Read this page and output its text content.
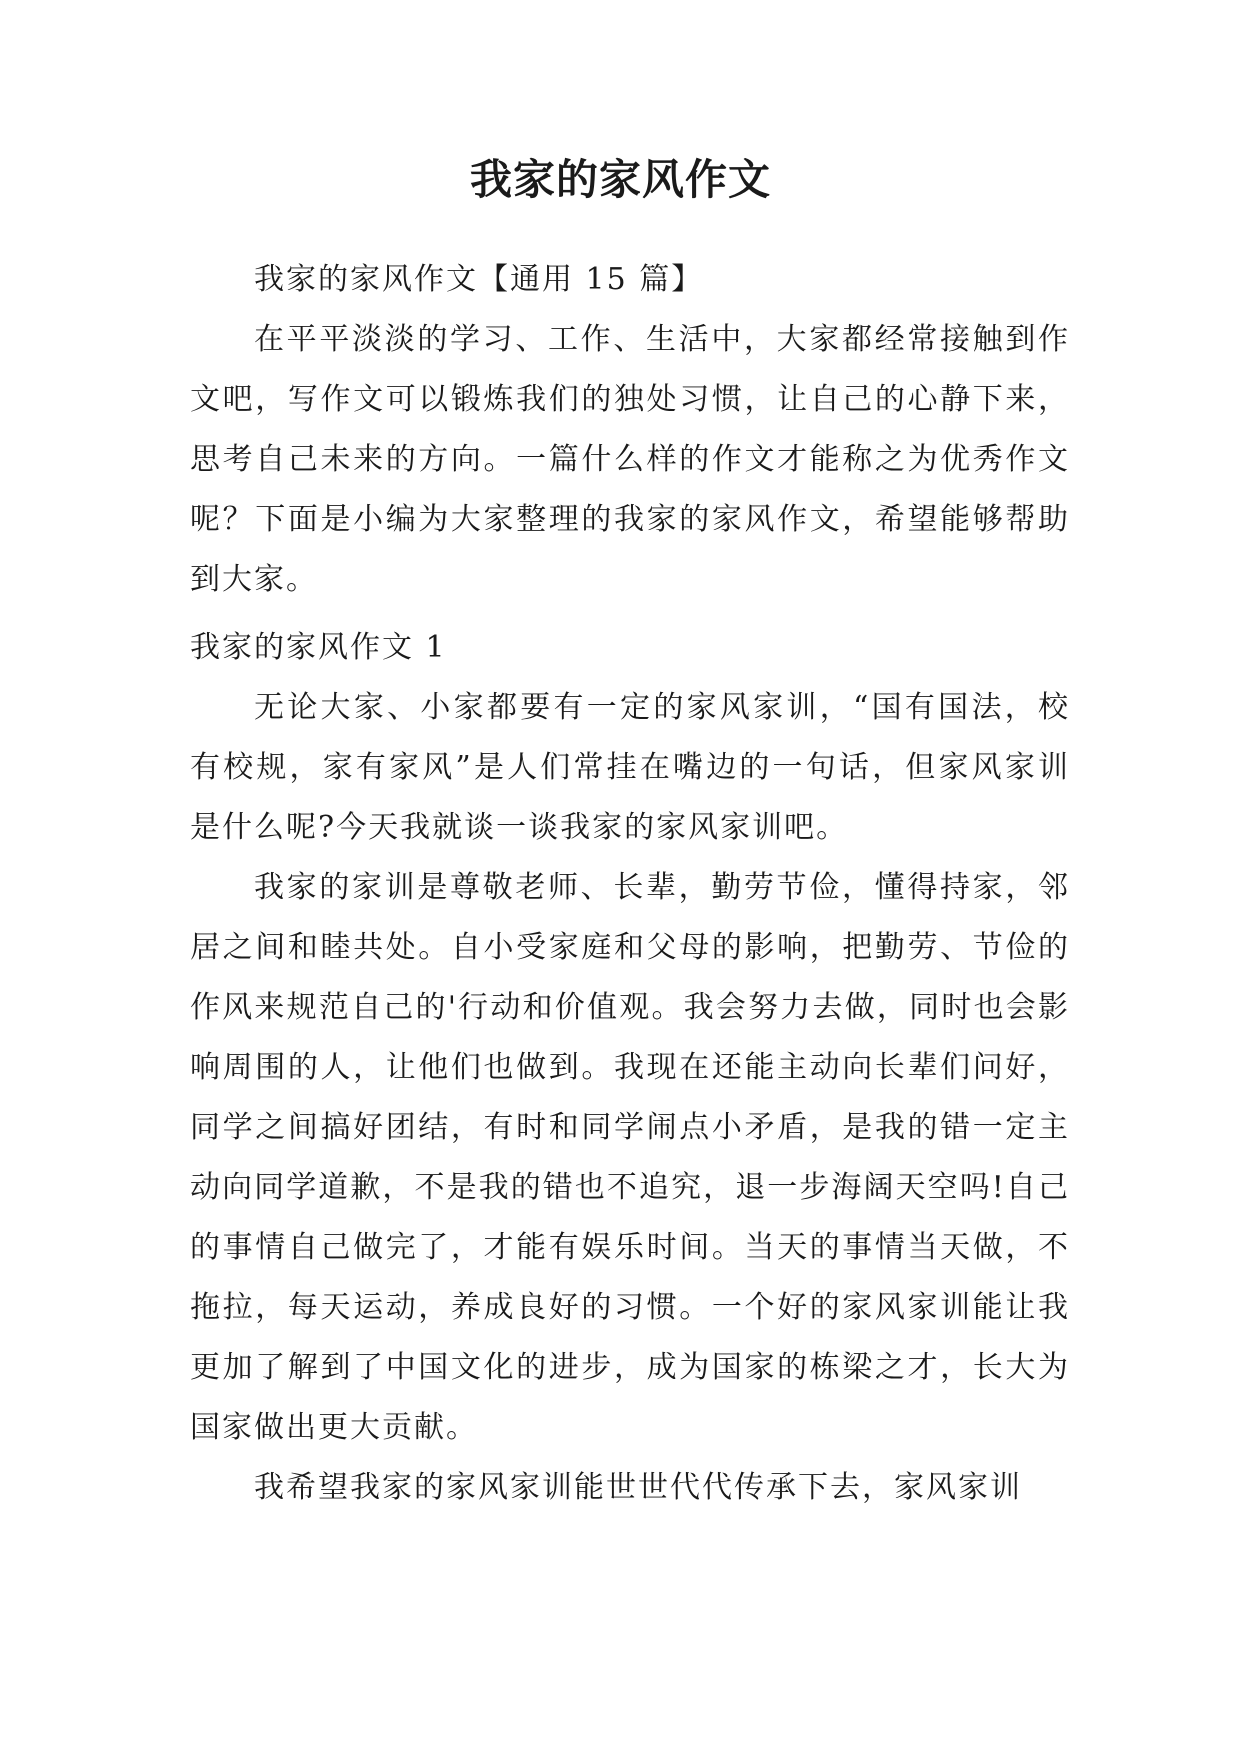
我家的家风作文

我家的家风作文【通用 15 篇】

在平平淡淡的学习、工作、生活中，大家都经常接触到作文吧，写作文可以锻炼我们的独处习惯，让自己的心静下来，思考自己未来的方向。一篇什么样的作文才能称之为优秀作文呢？下面是小编为大家整理的我家的家风作文，希望能够帮助到大家。

我家的家风作文 1

无论大家、小家都要有一定的家风家训，“国有国法，校有校规，家有家风”是人们常挂在嘴边的一句话，但家风家训是什么呢?今天我就谈一谈我家的家风家训吧。

我家的家训是尊敬老师、长辈，勤劳节俭，懂得持家，邻居之间和睦共处。自小受家庭和父母的影响，把勤劳、节俭的作风来规范自己的'行动和价值观。我会努力去做，同时也会影响周围的人，让他们也做到。我现在还能主动向长辈们问好，同学之间搞好团结，有时和同学闹点小矛盾，是我的错一定主动向同学道歉，不是我的错也不追究，退一步海阔天空吗!自己的事情自己做完了，才能有娱乐时间。当天的事情当天做，不拖拉，每天运动，养成良好的习惯。一个好的家风家训能让我更加了解到了中国文化的进步，成为国家的栋梁之才，长大为国家做出更大贡献。

我希望我家的家风家训能世世代代传承下去，家风家训
